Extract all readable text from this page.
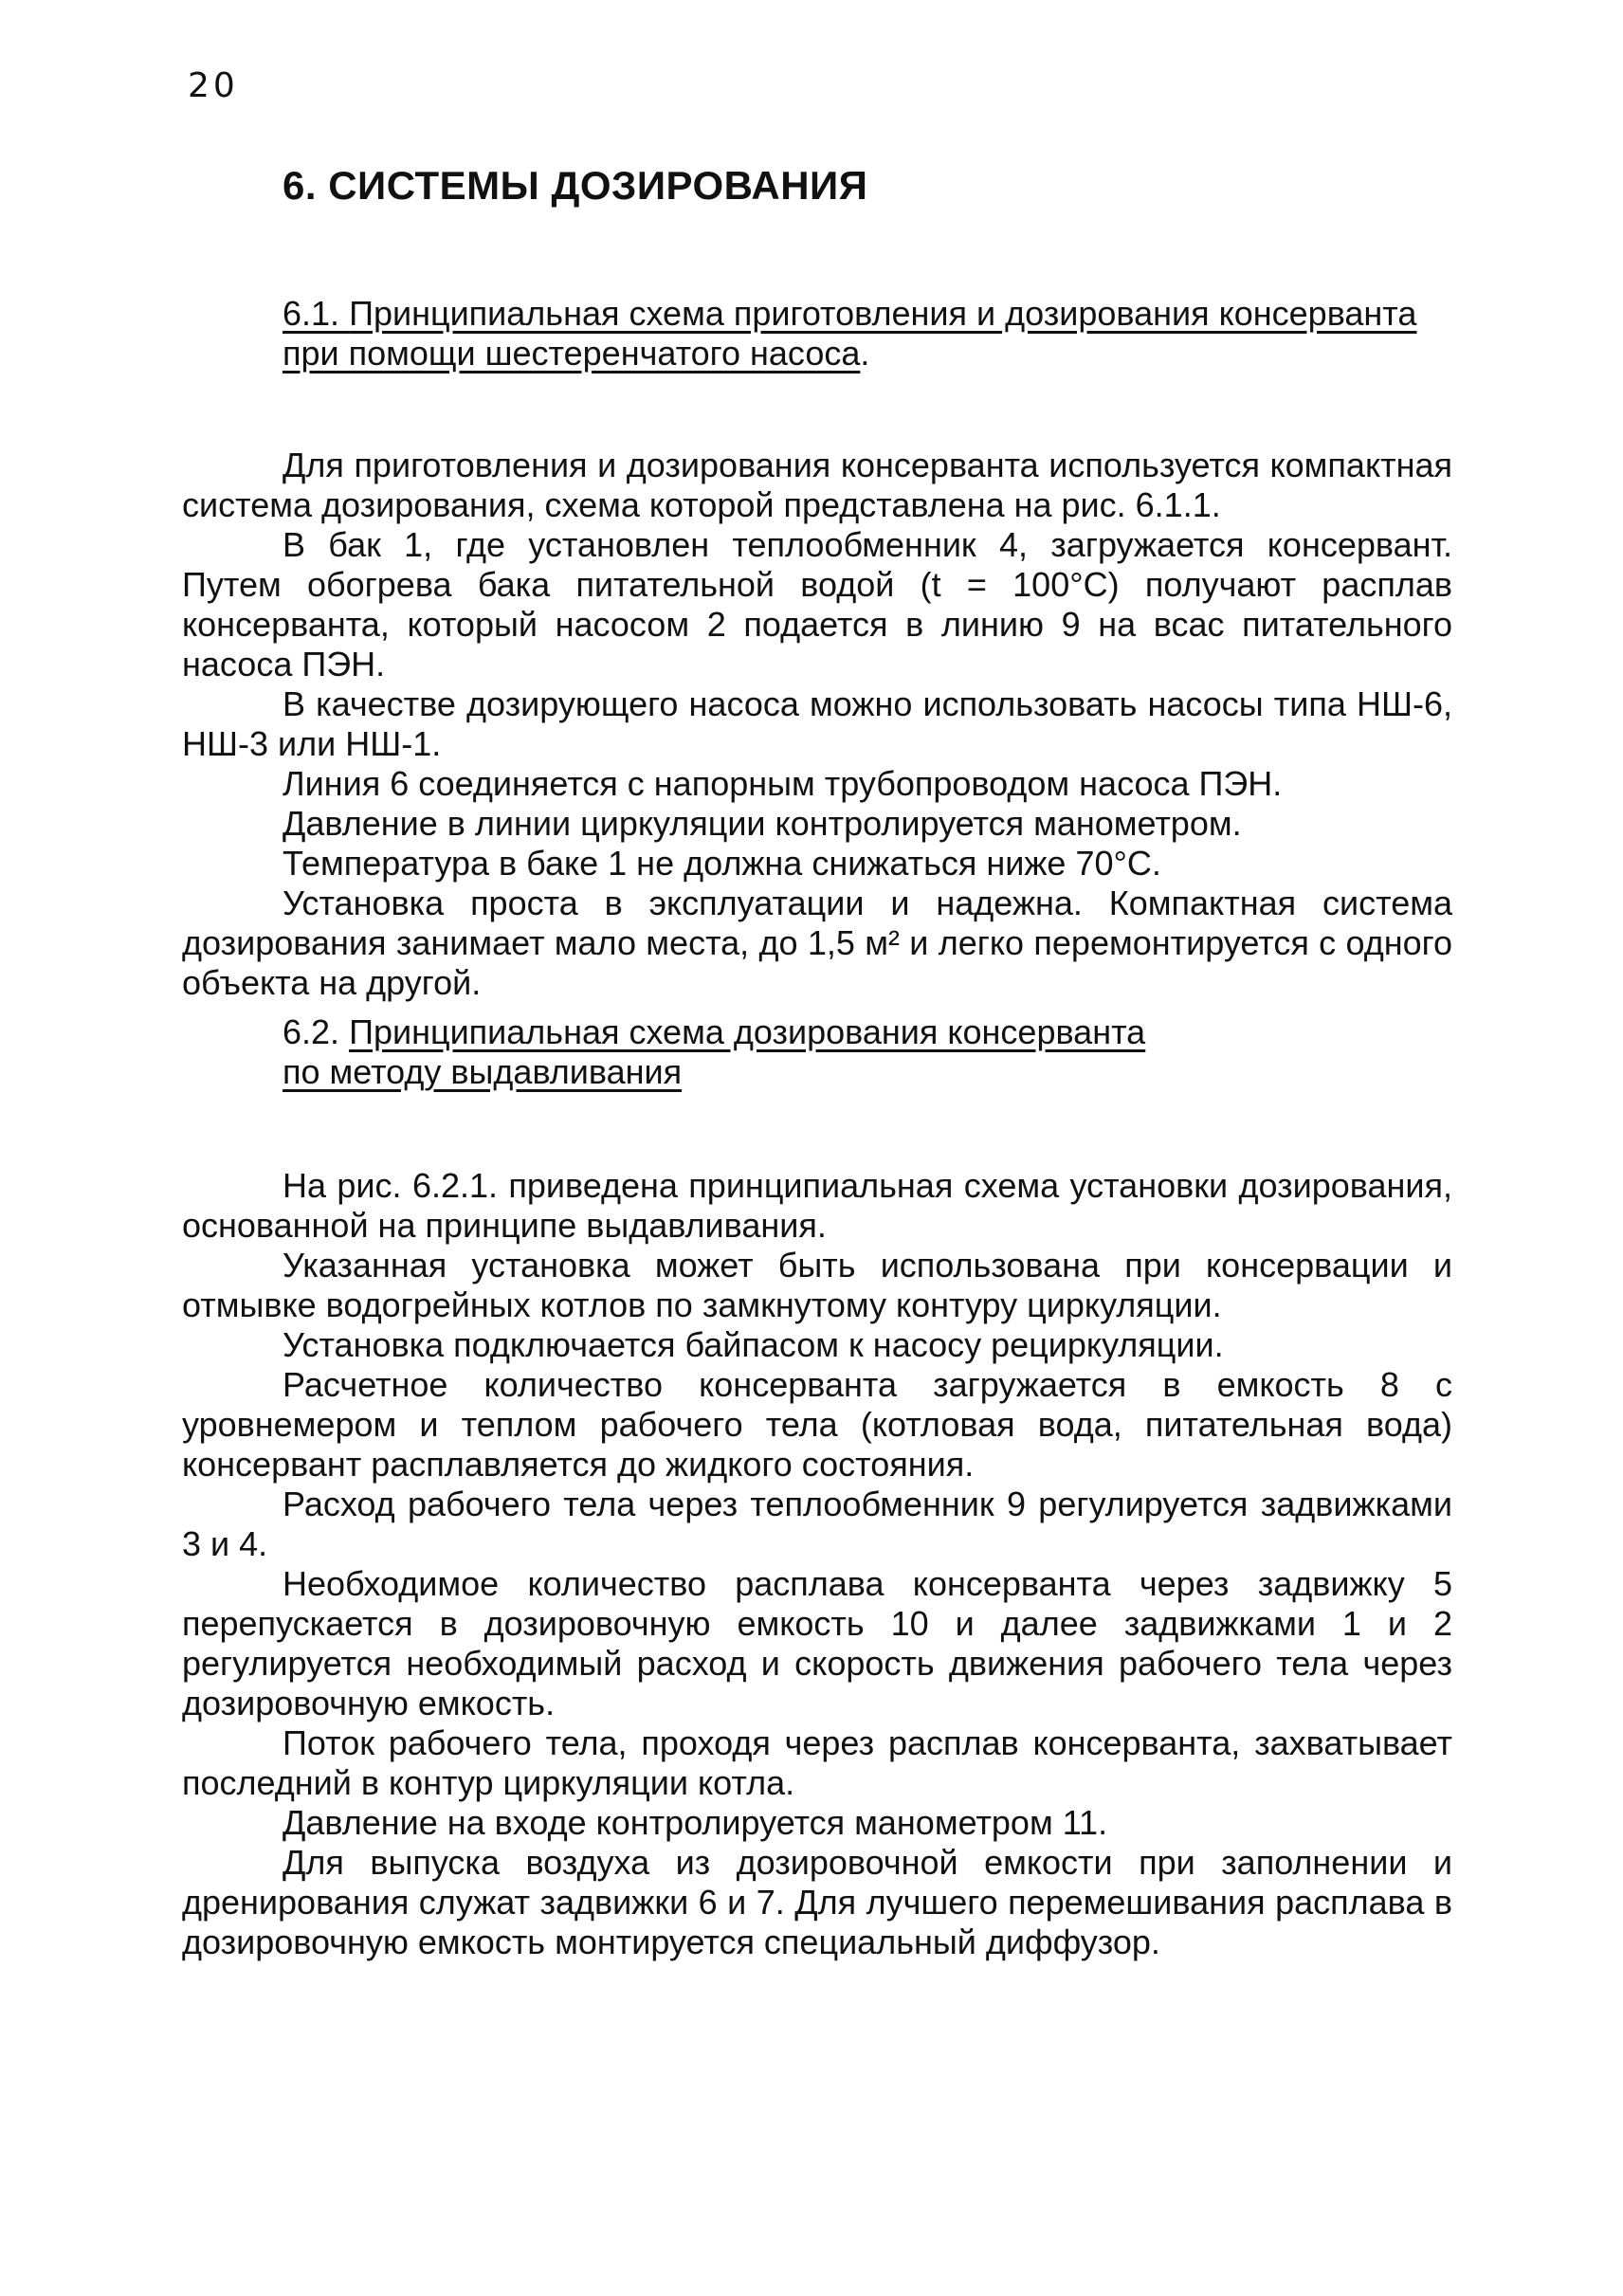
20
6. СИСТЕМЫ ДОЗИРОВАНИЯ

6.1. Принципиальная схема приготовления и дозирования консерванта при помощи шестеренчатого насоса.

Для приготовления и дозирования консерванта используется компактная система дозирования, схема которой представлена на рис. 6.1.1.

В бак 1, где установлен теплообменник 4, загружается консервант. Путем обогрева бака питательной водой (t = 100°С) получают расплав консерванта, который насосом 2 подается в линию 9 на всас питательного насоса ПЭН.

В качестве дозирующего насоса можно использовать насосы типа НШ-6, НШ-3 или НШ-1.

Линия 6 соединяется с напорным трубопроводом насоса ПЭН.

Давление в линии циркуляции контролируется манометром.

Температура в баке 1 не должна снижаться ниже 70°С.

Установка проста в эксплуатации и надежна. Компактная система дозирования занимает мало места, до 1,5 м² и легко перемонтируется с одного объекта на другой.

6.2. Принципиальная схема дозирования консерванта

по методу выдавливания

На рис. 6.2.1. приведена принципиальная схема установки дозирования, основанной на принципе выдавливания.

Указанная установка может быть использована при консервации и отмывке водогрейных котлов по замкнутому контуру циркуляции.

Установка подключается байпасом к насосу рециркуляции.

Расчетное количество консерванта загружается в емкость 8 с уровнемером и теплом рабочего тела (котловая вода, питательная вода) консервант расплавляется до жидкого состояния.

Расход рабочего тела через теплообменник 9 регулируется задвижками 3 и 4.

Необходимое количество расплава консерванта через задвижку 5 перепускается в дозировочную емкость 10 и далее задвижками 1 и 2 регулируется необходимый расход и скорость движения рабочего тела через дозировочную емкость.

Поток рабочего тела, проходя через расплав консерванта, захватывает последний в контур циркуляции котла.

Давление на входе контролируется манометром 11.

Для выпуска воздуха из дозировочной емкости при заполнении и дренирования служат задвижки 6 и 7. Для лучшего перемешивания расплава в дозировочную емкость монтируется специальный диффузор.
